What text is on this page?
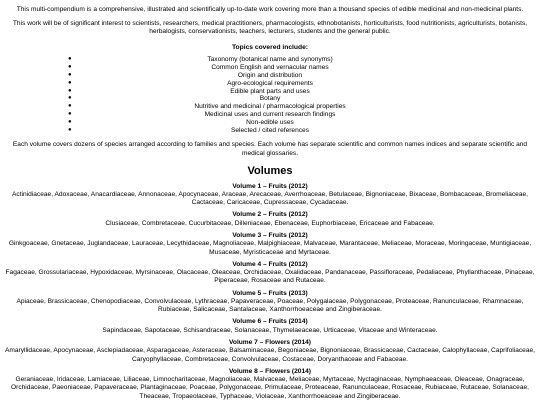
This multi-compendium is a comprehensive, illustrated and scientifically up-to-date work covering more than a thousand species of edible medicinal and non-medicinal plants.

This work will be of significant interest to scientists, researchers, medical practitioners, pharmacologists, ethnobotanists, horticulturists, food nutritionists, agriculturists, botanists, herbalogists, conservationists, teachers, lecturers, students and the general public.

Topics covered include:

●	Taxonomy (botanical name and synonyms)
●	Common English and vernacular names
●	Origin and distribution
●	Agro-ecological requirements
●	Edible plant parts and uses
●	Botany
●	Nutritive and medicinal / pharmacological properties
●	Medicinal uses and current research findings
●	Non-edible uses
●	Selected / cited references

Each volume covers dozens of species arranged according to families and species. Each volume has separate scientific and common names indices and separate scientific and medical glossaries.

Volumes
Volume 1 – Fruits (2012)
Actinidiaceae, Adoxaceae, Anacardiaceae, Annonaceae, Apocynaceae, Araceae, Arecaceae, Averrhoaceae, Betulaceae, Bignoniaceae, Bixaceae, Bombacaceae, Bromeliaceae, Cactaceae, Caricaceae, Cupressaceae, Cycadaceae.
Volume 2 – Fruits (2012)
Clusiaceae, Combretaceae, Cucurbitaceae, Dilleniaceae, Ebenaceae, Euphorbiaceae, Ericaceae and Fabaceae.
Volume 3 – Fruits (2012)
Ginkgoaceae, Gnetaceae, Juglandaceae, Lauraceae, Lecythidaceae, Magnoliaceae, Malpighiaceae, Malvaceae, Marantaceae, Meliaceae, Moraceae, Moringaceae, Muntigiaceae, Musaceae, Myristicaceae and Myrtaceae.
Volume 4 – Fruits (2012)
Fagaceae, Grossulariaceae, Hypoxidaceae, Myrsinaceae, Olacaceae, Oleaceae, Orchidaceae, Oxalidaceae, Pandanaceae, Passifloraceae, Pedaliaceae, Phyllanthaceae, Pinaceae, Piperaceae, Rosaceae and Rutaceae.
Volume 5 – Fruits (2013)
Apiaceae, Brassicaceae, Chenopodiaceae, Convolvulaceae, Lythraceae, Papaveraceae, Poaceae, Polygalaceae, Polygonaceae, Proteaceae, Ranunculaceae, Rhamnaceae, Rubiaceae, Salicaceae, Santalaceae, Xanthorrhoeaceae and Zingiberaceae.
Volume 6 – Fruits (2014)
Sapindaceae, Sapotaceae, Schisandraceae, Solanaceae, Thymelaeaceae, Urticaceae, Vitaceae and Winteraceae.
Volume 7 – Flowers (2014)
Amaryllidaceae, Apocynaceae, Asclepiadaceae, Asparagaceae, Asteraceae, Balsaminaceae, Begoniaceae, Bignoniaceae, Brassicaceae, Cactaceae, Calophyllaceae, Caprifoliaceae, Caryophyllaceae, Combretaceae, Convolvulaceae, Costaceae, Doryanthaceae and Fabaceae.
Volume 8 – Flowers (2014)
Geraniaceae, Iridaceae, Lamiaceae, Liliaceae, Limnocharitaceae, Magnoliaceae, Malvaceae, Meliaceae, Myrtaceae, Nyctaginaceae, Nymphaeaceae, Oleaceae, Onagraceae, Orchidaceae, Paeoniaceae, Papaveraceae, Plantaginaceae, Poaceae, Polygonaceae, Primulaceae, Proteaceae, Ranunculaceae, Rosaceae, Rubiaceae, Rutaceae, Solanaceae, Theaceae, Tropaeolaceae, Typhaceae, Violaceae, Xanthorrhoeaceae and Zingiberaceae.
